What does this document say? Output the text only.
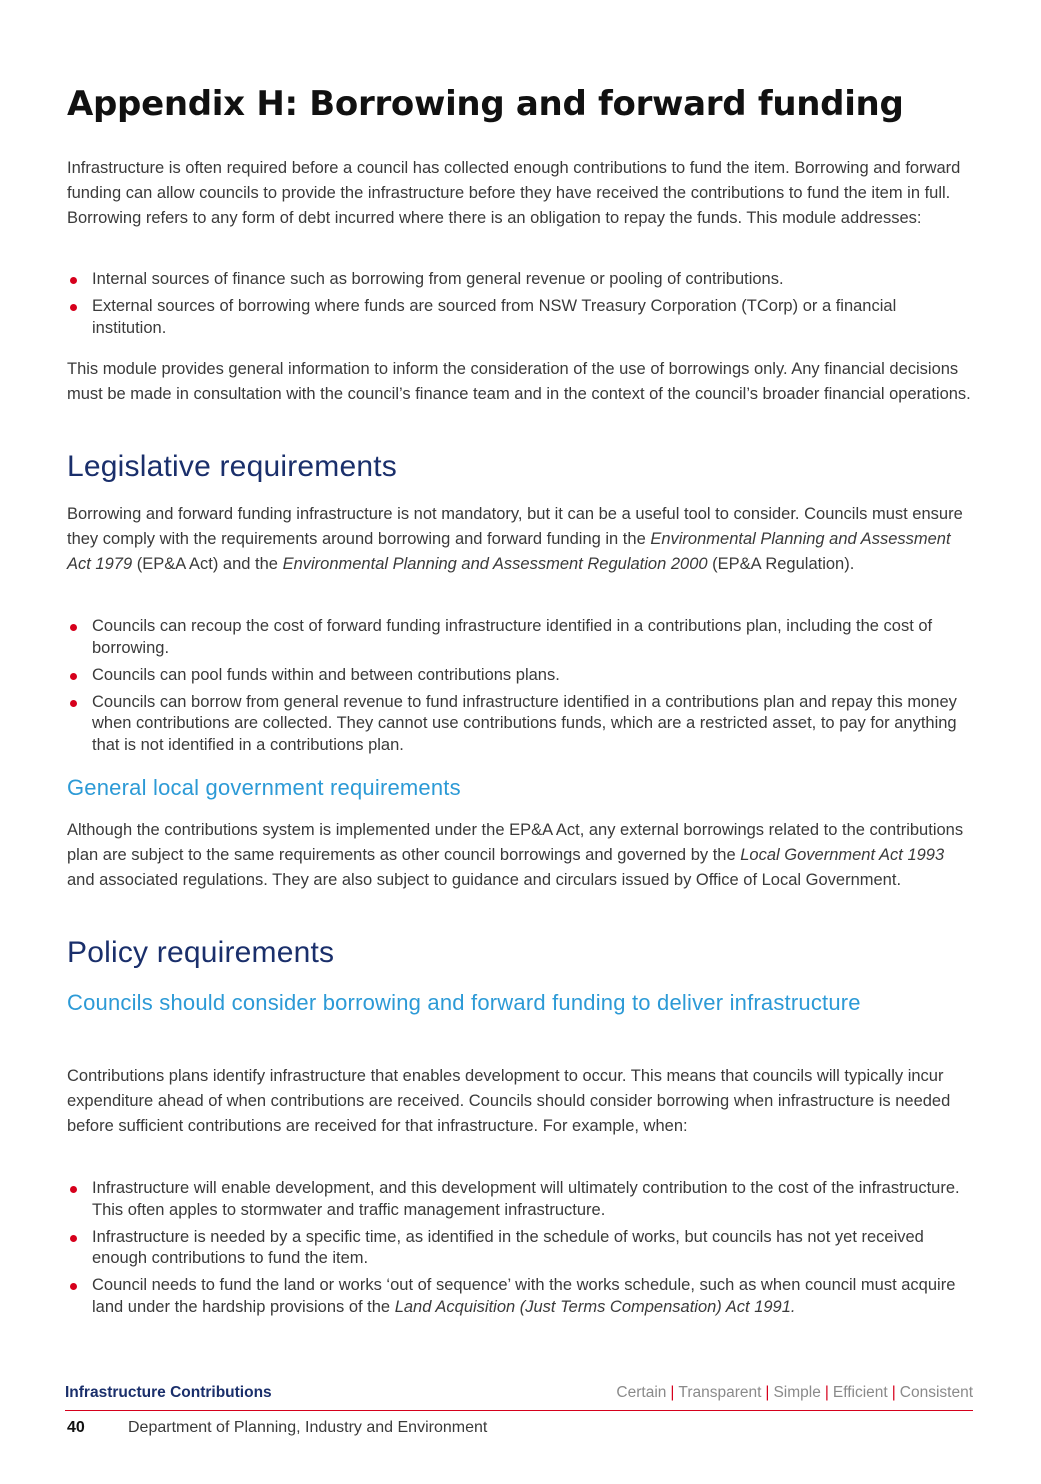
Appendix H: Borrowing and forward funding

Infrastructure is often required before a council has collected enough contributions to fund the item. Borrowing and forward funding can allow councils to provide the infrastructure before they have received the contributions to fund the item in full. Borrowing refers to any form of debt incurred where there is an obligation to repay the funds. This module addresses:

Internal sources of finance such as borrowing from general revenue or pooling of contributions.
External sources of borrowing where funds are sourced from NSW Treasury Corporation (TCorp) or a financial institution.

This module provides general information to inform the consideration of the use of borrowings only. Any financial decisions must be made in consultation with the council’s finance team and in the context of the council’s broader financial operations.

Legislative requirements

Borrowing and forward funding infrastructure is not mandatory, but it can be a useful tool to consider. Councils must ensure they comply with the requirements around borrowing and forward funding in the Environmental Planning and Assessment Act 1979 (EP&A Act) and the Environmental Planning and Assessment Regulation 2000 (EP&A Regulation).

Councils can recoup the cost of forward funding infrastructure identified in a contributions plan, including the cost of borrowing.
Councils can pool funds within and between contributions plans.
Councils can borrow from general revenue to fund infrastructure identified in a contributions plan and repay this money when contributions are collected. They cannot use contributions funds, which are a restricted asset, to pay for anything that is not identified in a contributions plan.
General local government requirements

Although the contributions system is implemented under the EP&A Act, any external borrowings related to the contributions plan are subject to the same requirements as other council borrowings and governed by the Local Government Act 1993 and associated regulations. They are also subject to guidance and circulars issued by Office of Local Government.

Policy requirements
Councils should consider borrowing and forward funding to deliver infrastructure

Contributions plans identify infrastructure that enables development to occur. This means that councils will typically incur expenditure ahead of when contributions are received. Councils should consider borrowing when infrastructure is needed before sufficient contributions are received for that infrastructure. For example, when:

Infrastructure will enable development, and this development will ultimately contribution to the cost of the infrastructure. This often apples to stormwater and traffic management infrastructure.
Infrastructure is needed by a specific time, as identified in the schedule of works, but councils has not yet received enough contributions to fund the item.
Council needs to fund the land or works ‘out of sequence’ with the works schedule, such as when council must acquire land under the hardship provisions of the Land Acquisition (Just Terms Compensation) Act 1991.
Infrastructure Contributions	Certain | Transparent | Simple | Efficient | Consistent
40	Department of Planning, Industry and Environment
